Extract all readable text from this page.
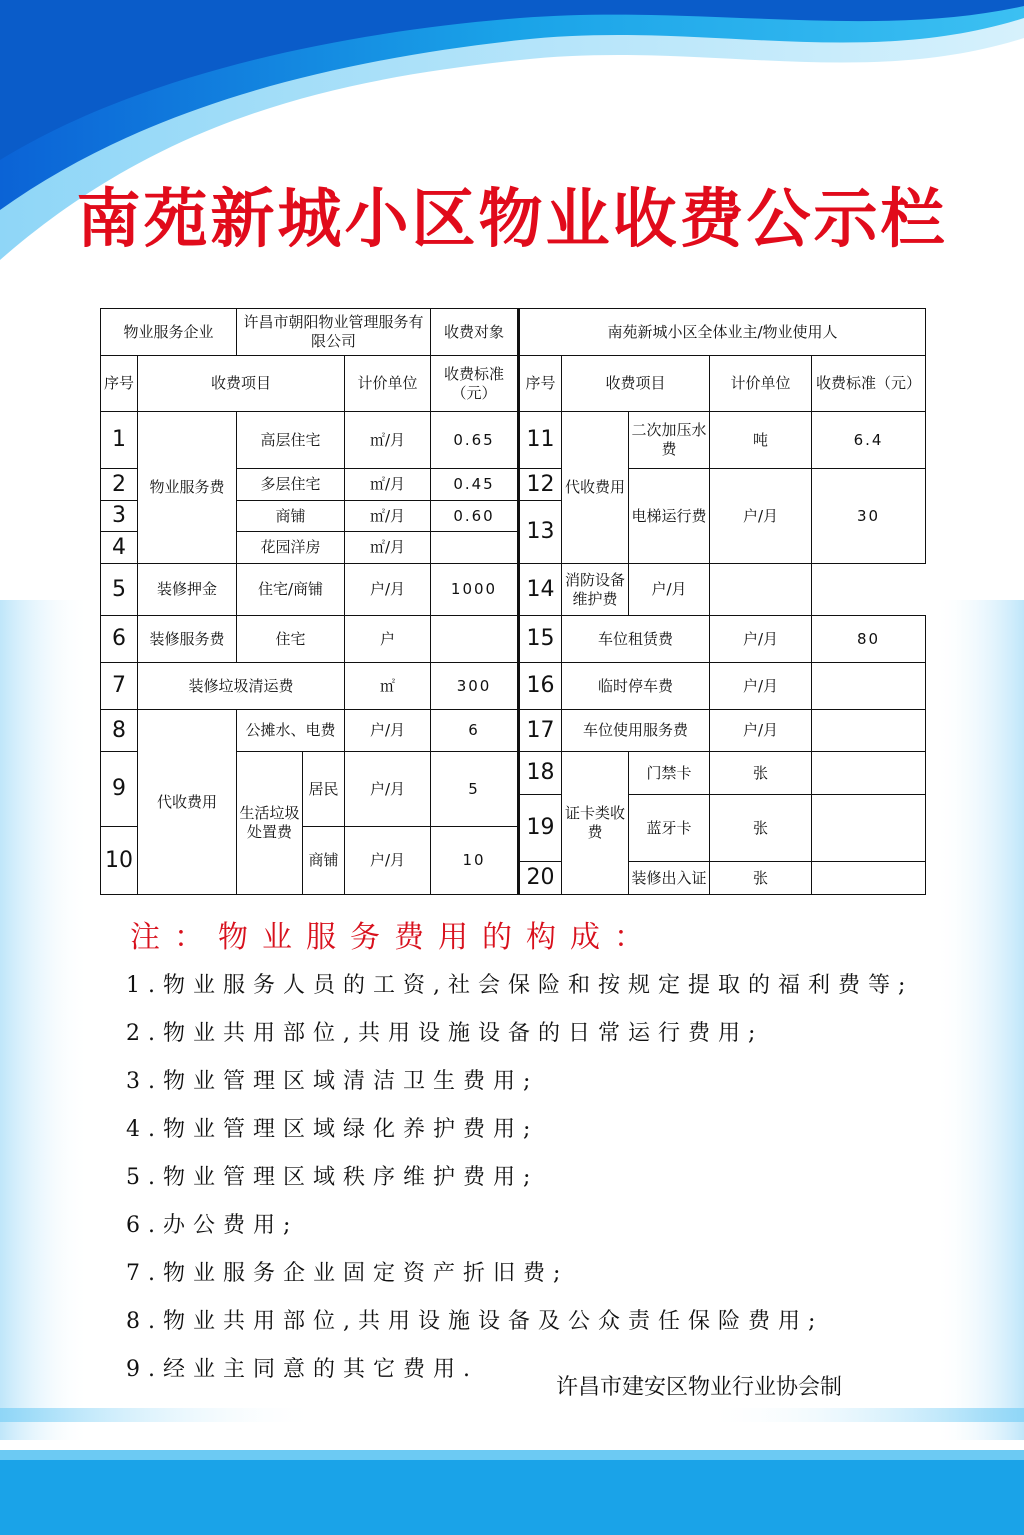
南苑新城小区物业收费公示栏
物业服务企业		许昌市朝阳物业管理服务有限公司			收费对象	南苑新城小区全体业主/物业使用人				
序号	收费项目			计价单位	收费标准（元）	序号	收费项目		计价单位	收费标准（元）
1	物业服务费	高层住宅		㎡/月	0.65	11	代收费用	二次加压水费	吨	6.4
2		多层住宅		㎡/月	0.45	12		电梯运行费	户/月	30
3		商铺		㎡/月	0.60	13				
4		花园洋房		㎡/月						
5	装修押金	住宅/商铺		户/月	1000	14	消防设备维护费	户/月		
6	装修服务费	住宅		户		15	车位租赁费		户/月	80
7	装修垃圾清运费			㎡	300	16	临时停车费		户/月	
8	代收费用	公摊水、电费		户/月	6	17	车位使用服务费		户/月	
9		生活垃圾处置费	居民	户/月	5	18	证卡类收费	门禁卡	张	
						19		蓝牙卡	张	
10			商铺	户/月	10					
						20		装修出入证	张	
注：物业服务费用的构成：
1.物业服务人员的工资,社会保险和按规定提取的福利费等;
2.物业共用部位,共用设施设备的日常运行费用;
3.物业管理区域清洁卫生费用;
4.物业管理区域绿化养护费用;
5.物业管理区域秩序维护费用;
6.办公费用;
7.物业服务企业固定资产折旧费;
8.物业共用部位,共用设施设备及公众责任保险费用;
9.经业主同意的其它费用.
许昌市建安区物业行业协会制
